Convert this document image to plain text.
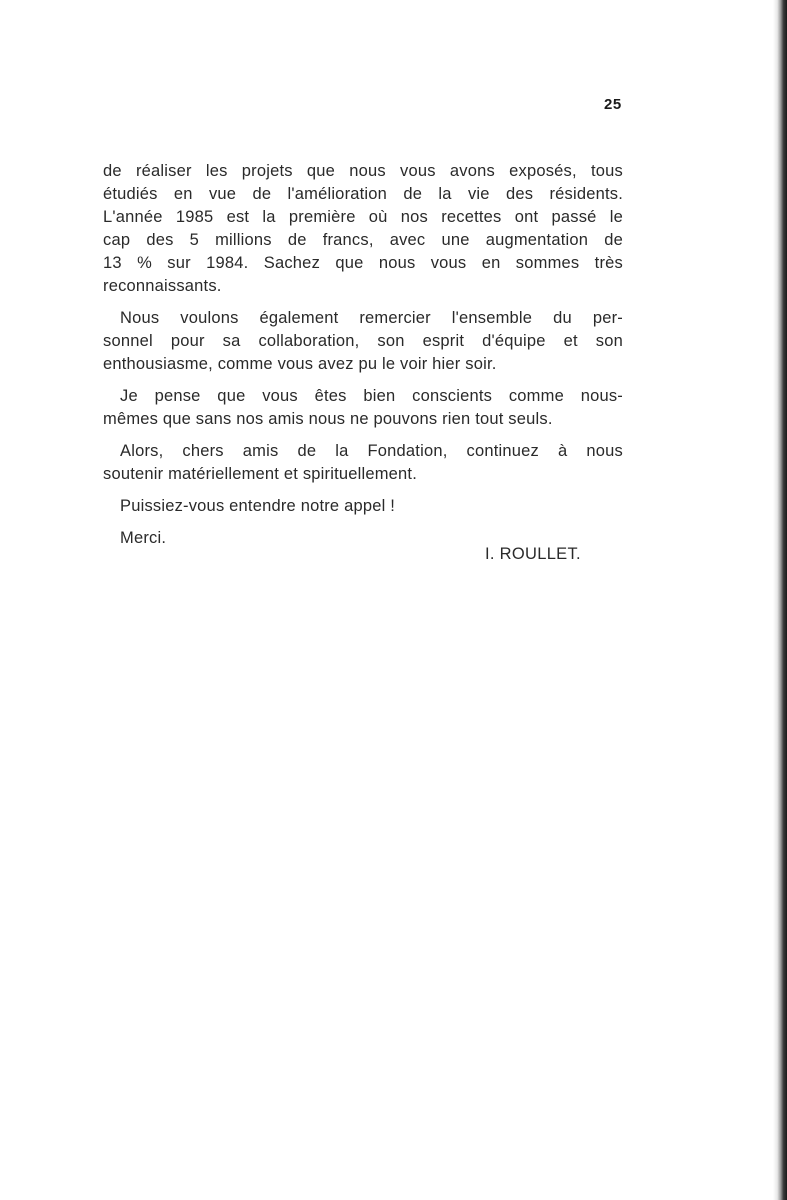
25
de réaliser les projets que nous vous avons exposés, tous
étudiés en vue de l'amélioration de la vie des résidents.
L'année 1985 est la première où nos recettes ont passé le
cap des 5 millions de francs, avec une augmentation de
13 % sur 1984. Sachez que nous vous en sommes très
reconnaissants.
Nous voulons également remercier l'ensemble du per-
sonnel pour sa collaboration, son esprit d'équipe et son
enthousiasme, comme vous avez pu le voir hier soir.
Je pense que vous êtes bien conscients comme nous-
mêmes que sans nos amis nous ne pouvons rien tout seuls.
Alors, chers amis de la Fondation, continuez à nous
soutenir matériellement et spirituellement.
Puissiez-vous entendre notre appel !
Merci.
I. ROULLET.
